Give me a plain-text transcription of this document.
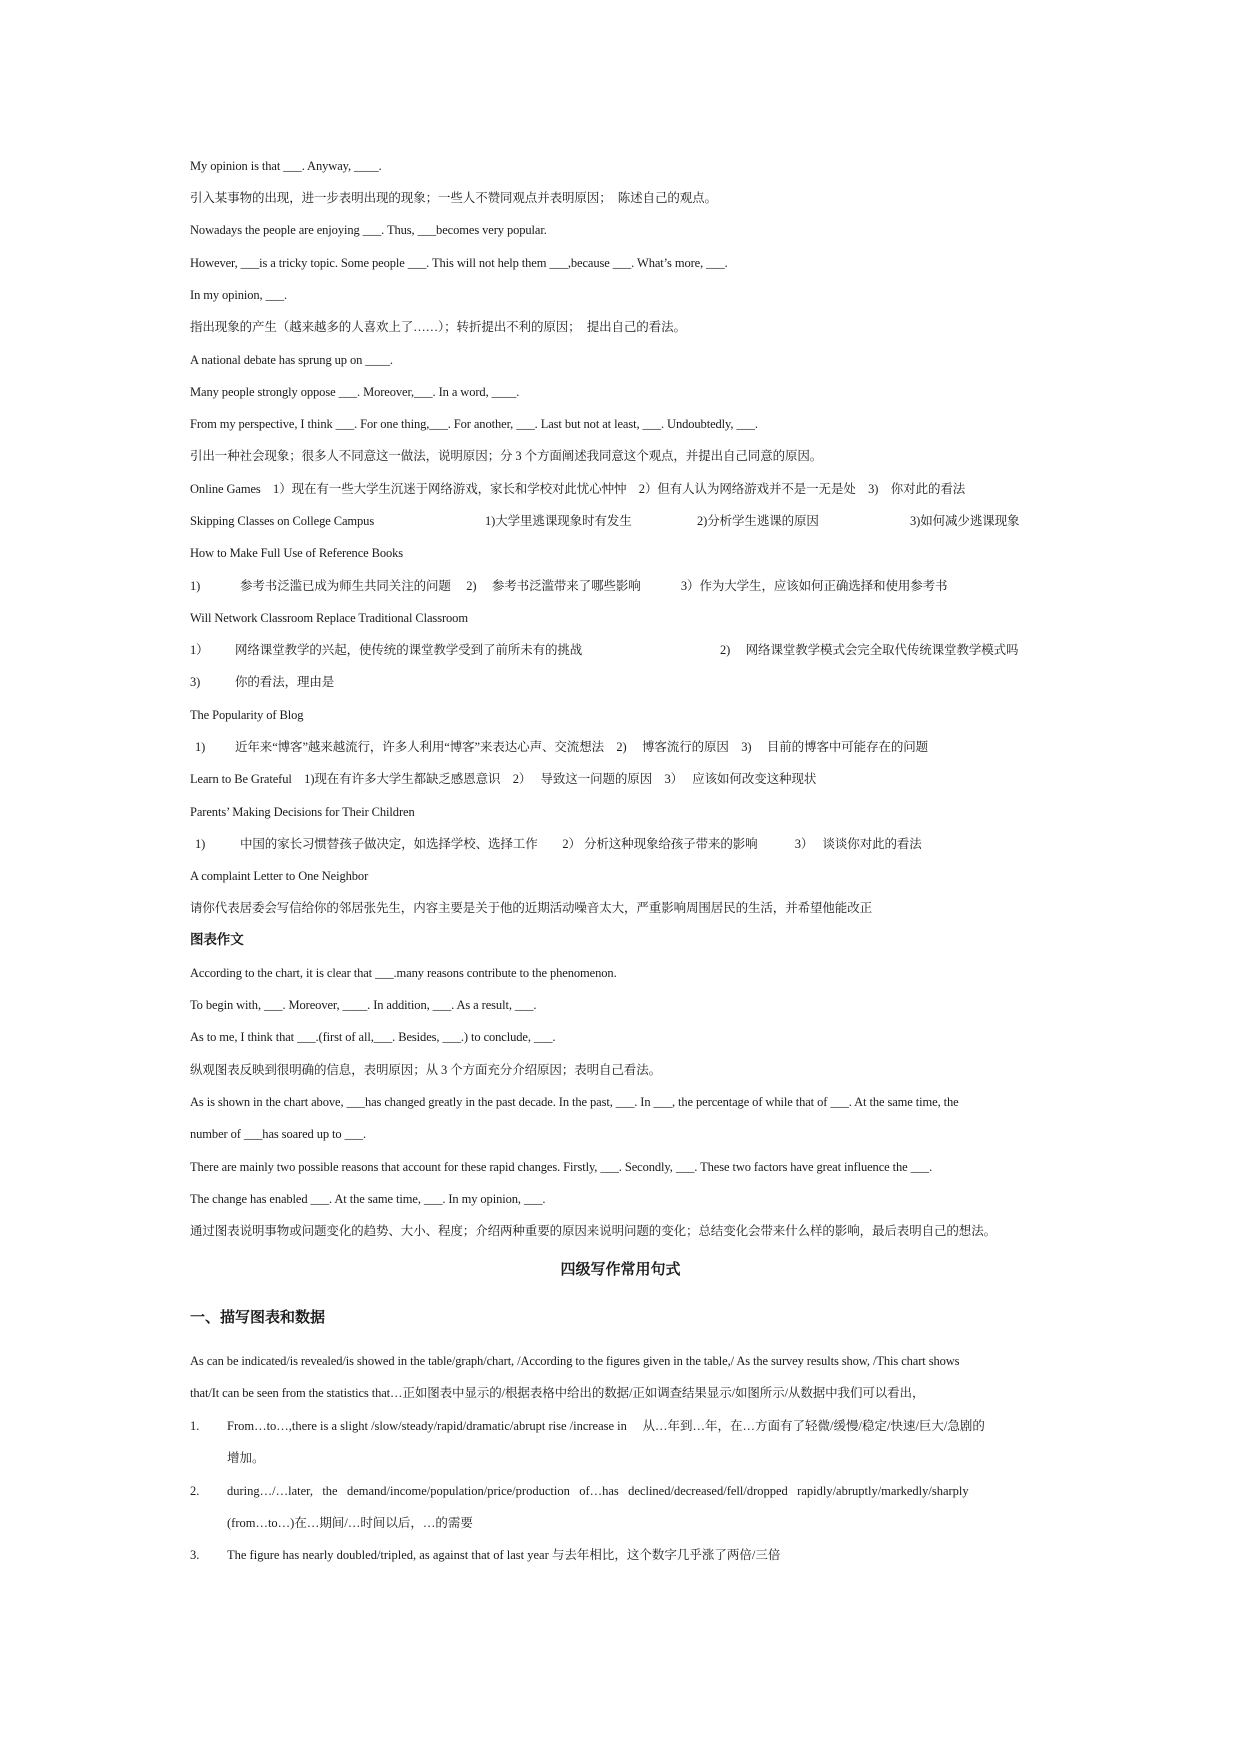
My opinion is that ___. Anyway, ____.
引入某事物的出现，进一步表明出现的现象；一些人不赞同观点并表明原因；　陈述自己的观点。
Nowadays the people are enjoying ___. Thus, ___becomes very popular.
However, ___is a tricky topic. Some people ___. This will not help them ___,because ___. What’s more, ___.
In my opinion, ___.
指出现象的产生（越来越多的人喜欢上了……）；转折提出不利的原因；　提出自己的看法。
A national debate has sprung up on ____.
Many people strongly oppose ___. Moreover,___. In a word, ____.
From my perspective, I think ___. For one thing,___. For another, ___. Last but not at least, ___. Undoubtedly, ___.
引出一种社会现象；很多人不同意这一做法，说明原因；分 3 个方面阐述我同意这个观点，并提出自己同意的原因。
Online Games　1）现在有一些大学生沉迷于网络游戏，家长和学校对此忧心忡忡　2）但有人认为网络游戏并不是一无是处　3)　你对此的看法
Skipping Classes on College Campus	1)大学里逃课现象时有发生	2)分析学生逃课的原因	3)如何减少逃课现象
How to Make Full Use of Reference Books
1)	参考书泛滥已成为师生共同关注的问题　 2)　 参考书泛滥带来了哪些影响　　　 3）作为大学生，应该如何正确选择和使用参考书
Will Network Classroom Replace Traditional Classroom
1） 网络课堂教学的兴起，使传统的课堂教学受到了前所未有的挑战	2)　 网络课堂教学模式会完全取代传统课堂教学模式吗
3)	你的看法，理由是
The Popularity of Blog
1) 近年来“博客”越来越流行，许多人利用“博客”来表达心声、交流想法　2)　 博客流行的原因　3)　 目前的博客中可能存在的问题
Learn to Be Grateful　1)现在有许多大学生都缺乏感恩意识　2）　 导致这一问题的原因　3）　 应该如何改变这种现状
Parents’ Making Decisions for Their Children
1)	中国的家长习惯替孩子做决定，如选择学校、选择工作　　2） 分析这种现象给孩子带来的影响　　　3）　 谈谈你对此的看法
A complaint Letter to One Neighbor
请你代表居委会写信给你的邻居张先生，内容主要是关于他的近期活动噪音太大，严重影响周围居民的生活，并希望他能改正
图表作文
According to the chart, it is clear that ___.many reasons contribute to the phenomenon.
To begin with, ___. Moreover, ____. In addition, ___. As a result, ___.
As to me, I think that ___.(first of all,___. Besides, ___.) to conclude, ___.
纵观图表反映到很明确的信息，表明原因；从 3 个方面充分介绍原因；表明自己看法。
As is shown in the chart above, ___has changed greatly in the past decade. In the past, ___. In ___, the percentage of while that of ___. At the same time, the
number of ___has soared up to ___.
There are mainly two possible reasons that account for these rapid changes. Firstly, ___. Secondly, ___. These two factors have great influence the ___.
The change has enabled ___. At the same time, ___. In my opinion, ___.
通过图表说明事物或问题变化的趋势、大小、程度；介绍两种重要的原因来说明问题的变化；总结变化会带来什么样的影响，最后表明自己的想法。
四级写作常用句式
一、描写图表和数据
As can be indicated/is revealed/is showed in the table/graph/chart, /According to the figures given in the table,/ As the survey results show, /This chart shows
that/It can be seen from the statistics that…正如图表中显示的/根据表格中给出的数据/正如调查结果显示/如图所示/从数据中我们可以看出，
1. From…to…,there is a slight /slow/steady/rapid/dramatic/abrupt rise /increase in　 从…年到…年，在…方面有了轻微/缓慢/稳定/快速/巨大/急剧的
增加。
2. during…/…later,   the   demand/income/population/price/production   of…has   declined/decreased/fell/dropped   rapidly/abruptly/markedly/sharply
(from…to…)在…期间/…时间以后，…的需要
3. The figure has nearly doubled/tripled, as against that of last year 与去年相比，这个数字几乎涨了两倍/三倍
